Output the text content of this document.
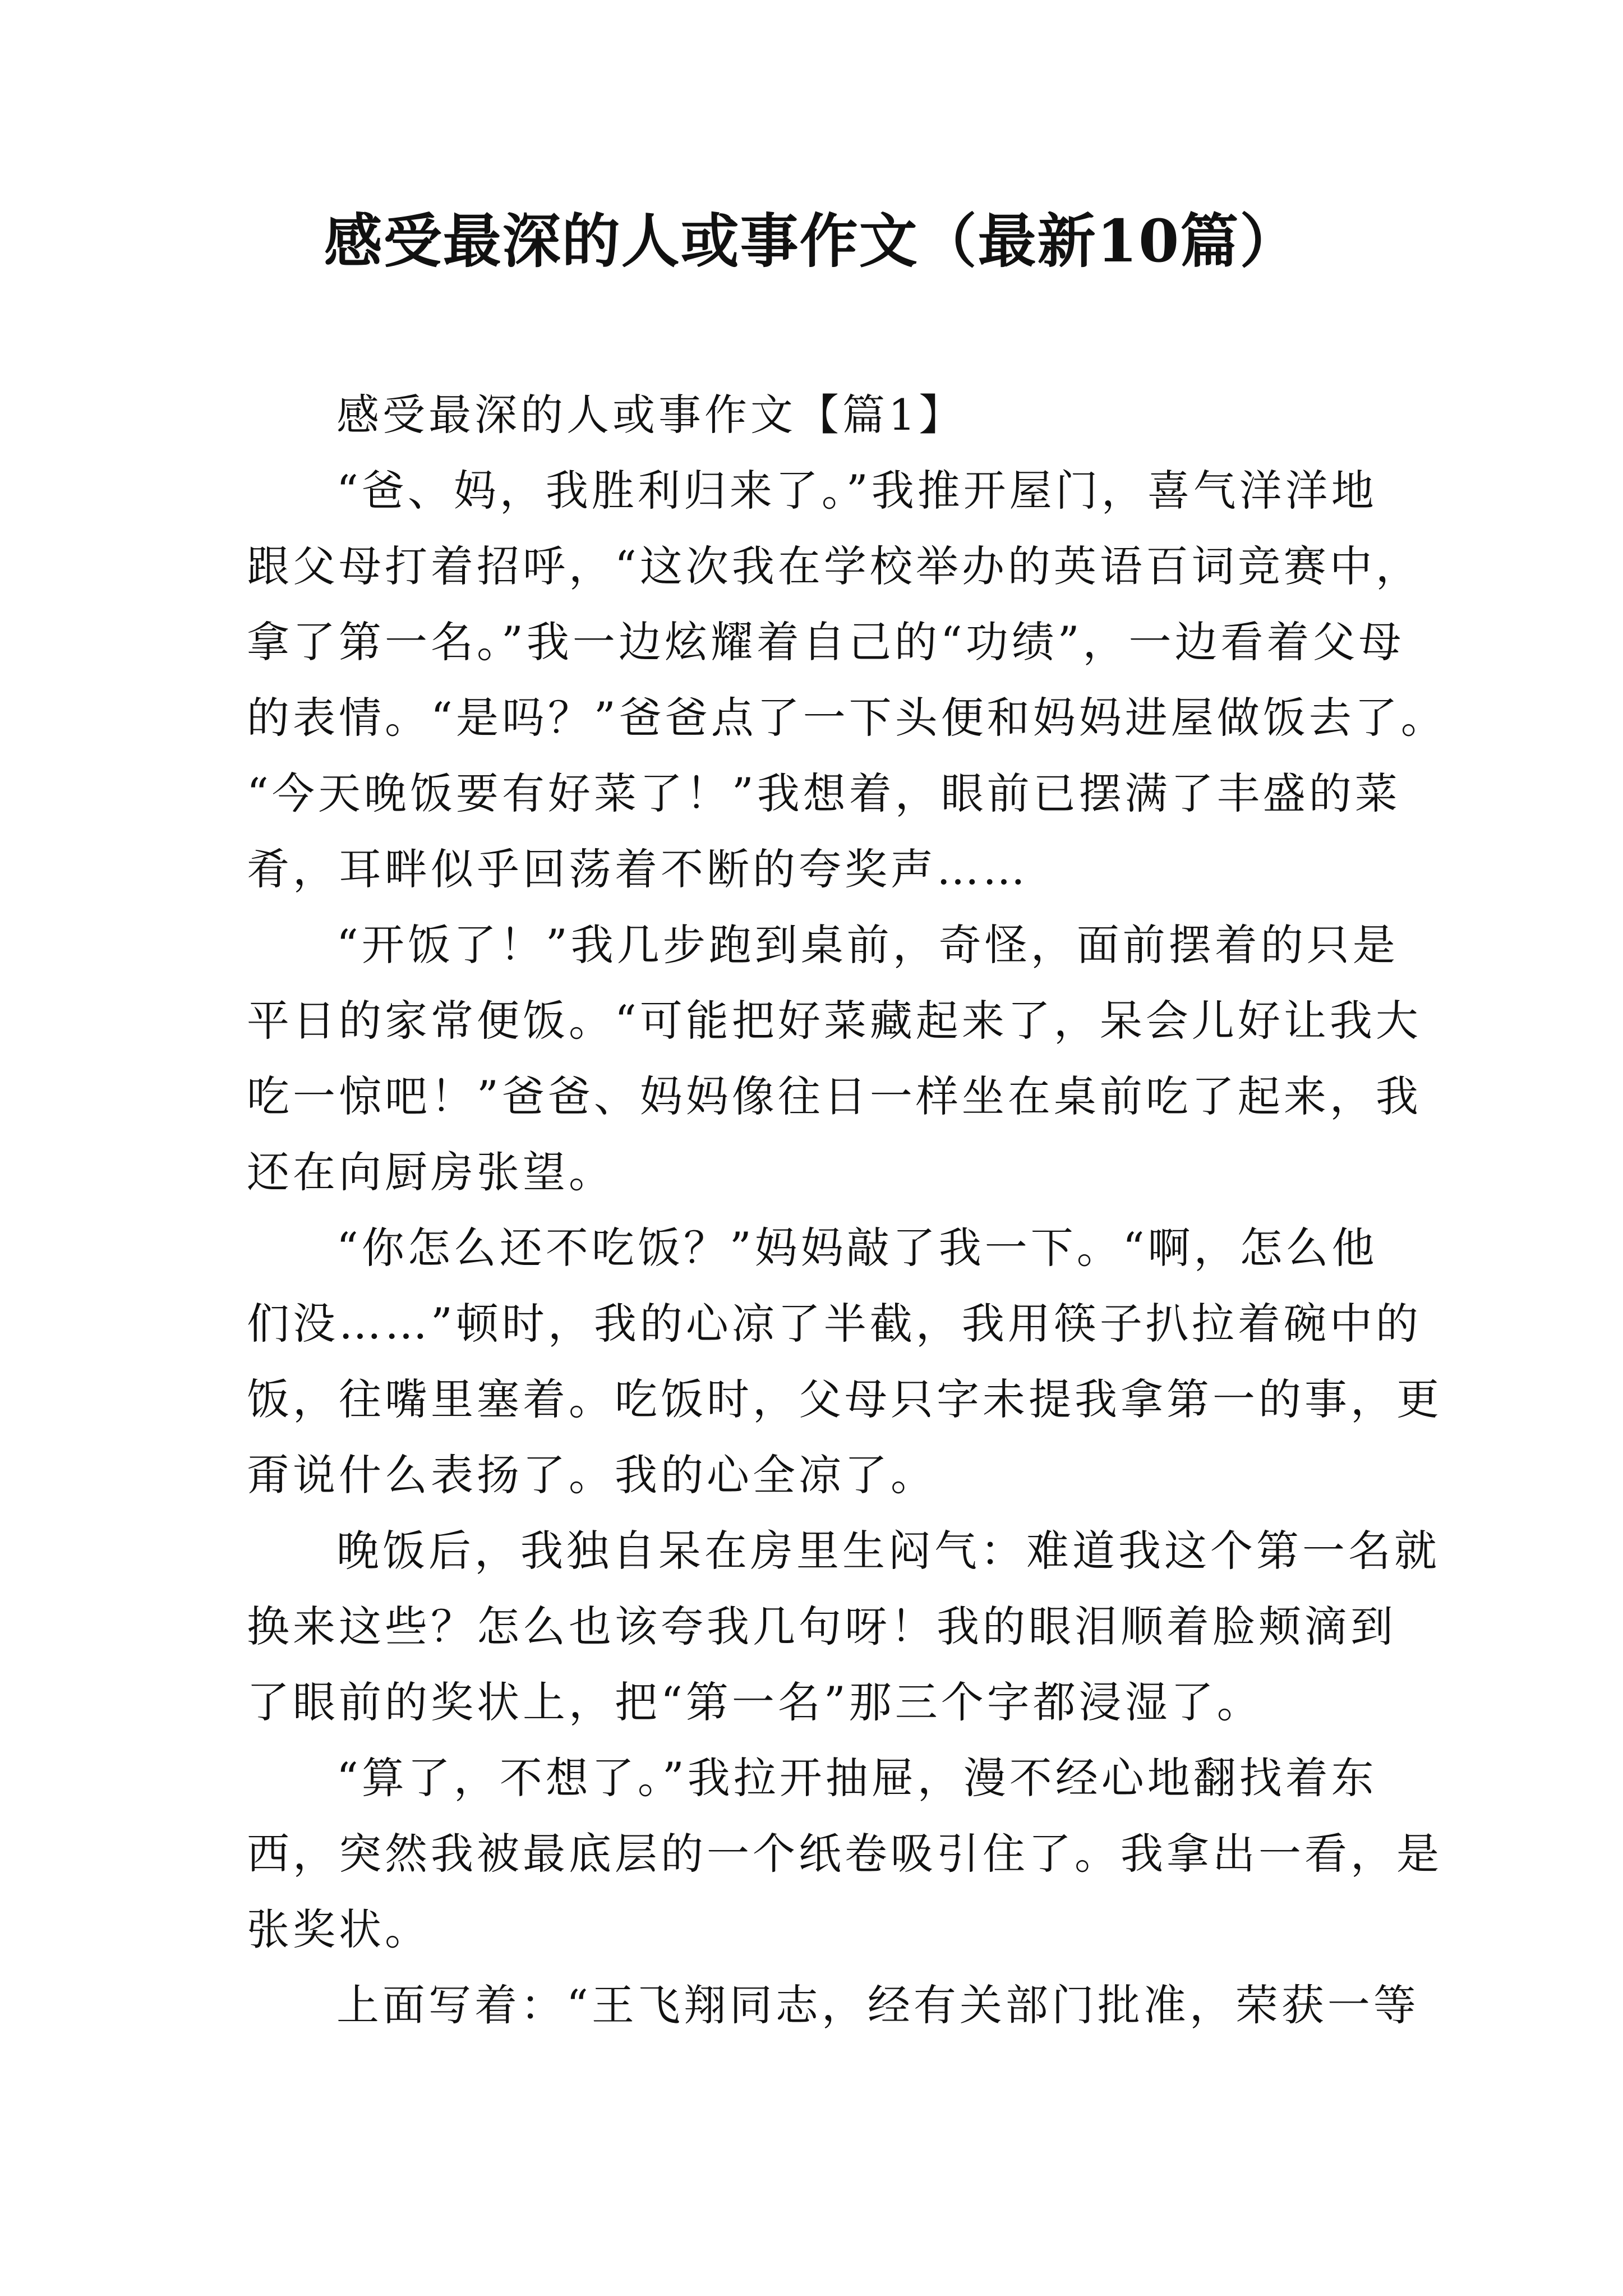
感受最深的人或事作文（最新10篇）
感受最深的人或事作文【篇1】
“爸、妈，我胜利归来了。”我推开屋门，喜气洋洋地
跟父母打着招呼，“这次我在学校举办的英语百词竞赛中，
拿了第一名。”我一边炫耀着自己的“功绩”，一边看着父母
的表情。“是吗？”爸爸点了一下头便和妈妈进屋做饭去了。
“今天晚饭要有好菜了！”我想着，眼前已摆满了丰盛的菜
肴，耳畔似乎回荡着不断的夸奖声……
“开饭了！”我几步跑到桌前，奇怪，面前摆着的只是
平日的家常便饭。“可能把好菜藏起来了，呆会儿好让我大
吃一惊吧！”爸爸、妈妈像往日一样坐在桌前吃了起来，我
还在向厨房张望。
“你怎么还不吃饭？”妈妈敲了我一下。“啊，怎么他
们没……”顿时，我的心凉了半截，我用筷子扒拉着碗中的
饭，往嘴里塞着。吃饭时，父母只字未提我拿第一的事，更
甭说什么表扬了。我的心全凉了。
晚饭后，我独自呆在房里生闷气：难道我这个第一名就
换来这些？怎么也该夸我几句呀！我的眼泪顺着脸颊滴到
了眼前的奖状上，把“第一名”那三个字都浸湿了。
“算了，不想了。”我拉开抽屉，漫不经心地翻找着东
西，突然我被最底层的一个纸卷吸引住了。我拿出一看，是
张奖状。
上面写着：“王飞翔同志，经有关部门批准，荣获一等
